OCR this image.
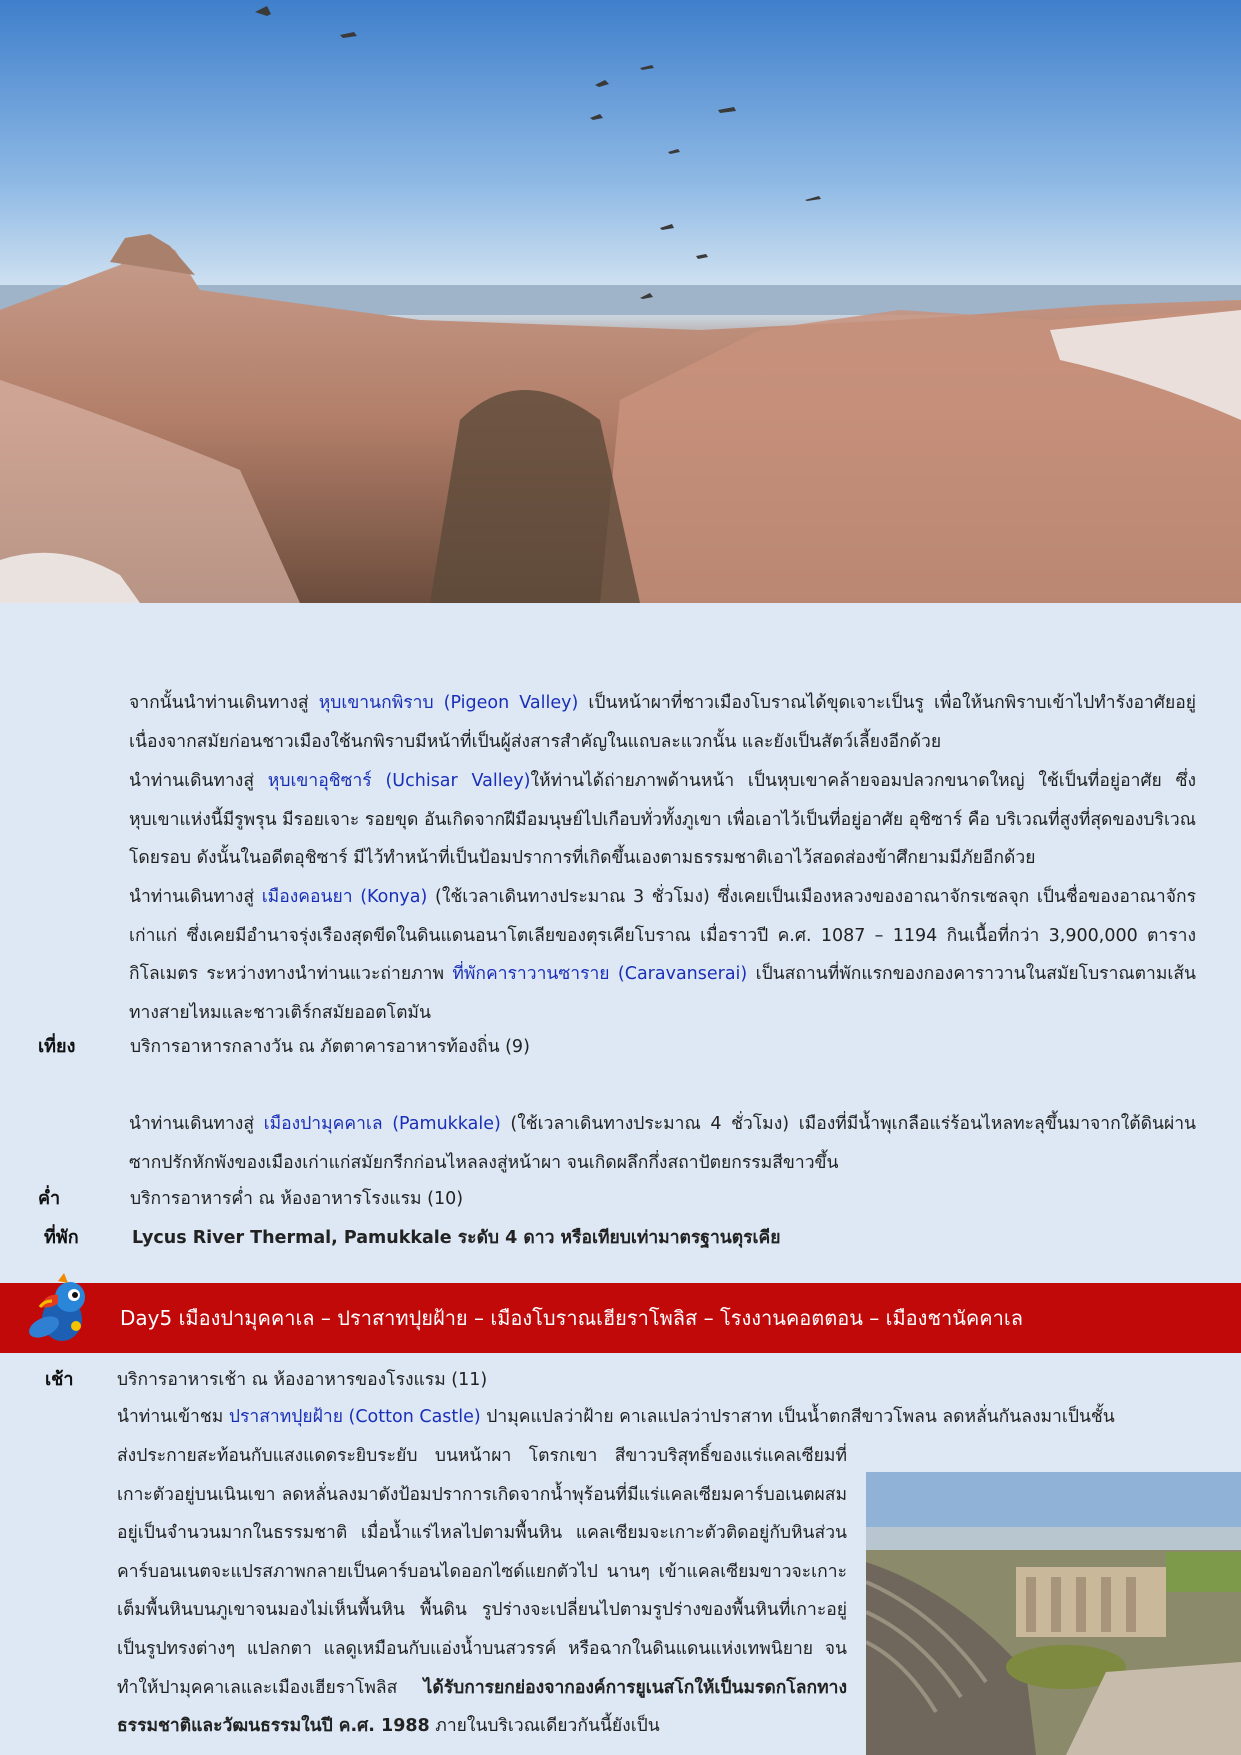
จากนั้นนำท่านเดินทางสู่ หุบเขานกพิราบ (Pigeon Valley) เป็นหน้าผาที่ชาวเมืองโบราณได้ขุดเจาะเป็นรู เพื่อให้นกพิราบเข้าไปทำรังอาศัยอยู่ เนื่องจากสมัยก่อนชาวเมืองใช้นกพิราบมีหน้าที่เป็นผู้ส่งสารสำคัญในแถบละแวกนั้น และยังเป็นสัตว์เลี้ยงอีกด้วย
นำท่านเดินทางสู่ หุบเขาอุชิซาร์ (Uchisar Valley)ให้ท่านได้ถ่ายภาพด้านหน้า เป็นหุบเขาคล้ายจอมปลวกขนาดใหญ่ ใช้เป็นที่อยู่อาศัย ซึ่งหุบเขาแห่งนี้มีรูพรุน มีรอยเจาะ รอยขุด อันเกิดจากฝีมือมนุษย์ไปเกือบทั่วทั้งภูเขา เพื่อเอาไว้เป็นที่อยู่อาศัย อุชิซาร์ คือ บริเวณที่สูงที่สุดของบริเวณโดยรอบ ดังนั้นในอดีตอุชิซาร์ มีไว้ทำหน้าที่เป็นป้อมปราการที่เกิดขึ้นเองตามธรรมชาติเอาไว้สอดส่องข้าศึกยามมีภัยอีกด้วย
นำท่านเดินทางสู่ เมืองคอนยา (Konya) (ใช้เวลาเดินทางประมาณ 3 ชั่วโมง) ซึ่งเคยเป็นเมืองหลวงของอาณาจักรเซลจุก เป็นชื่อของอาณาจักรเก่าแก่ ซึ่งเคยมีอำนาจรุ่งเรืองสุดขีดในดินแดนอนาโตเลียของตุรเคียโบราณ เมื่อราวปี ค.ศ. 1087 – 1194 กินเนื้อที่กว่า 3,900,000 ตารางกิโลเมตร ระหว่างทางนำท่านแวะถ่ายภาพ ที่พักคาราวานซาราย (Caravanserai) เป็นสถานที่พักแรกของกองคาราวานในสมัยโบราณตามเส้นทางสายไหมและชาวเติร์กสมัยออตโตมัน
เที่ยง	บริการอาหารกลางวัน ณ ภัตตาคารอาหารท้องถิ่น (9)
นำท่านเดินทางสู่ เมืองปามุคคาเล (Pamukkale) (ใช้เวลาเดินทางประมาณ 4 ชั่วโมง) เมืองที่มีน้ำพุเกลือแร่ร้อนไหลทะลุขึ้นมาจากใต้ดินผ่านซากปรักหักพังของเมืองเก่าแก่สมัยกรีกก่อนไหลลงสู่หน้าผา จนเกิดผลึกกึ่งสถาปัตยกรรมสีขาวขึ้น
ค่ำ	บริการอาหารค่ำ ณ ห้องอาหารโรงแรม (10)
ที่พัก	Lycus River Thermal, Pamukkale ระดับ 4 ดาว หรือเทียบเท่ามาตรฐานตุรเคีย
Day5 เมืองปามุคคาเล – ปราสาทปุยฝ้าย – เมืองโบราณเฮียราโพลิส – โรงงานคอตตอน – เมืองชานัคคาเล
เช้า บริการอาหารเช้า ณ ห้องอาหารของโรงแรม (11)
นำท่านเข้าชม ปราสาทปุยฝ้าย (Cotton Castle) ปามุคแปลว่าฝ้าย คาเลแปลว่าปราสาท เป็นน้ำตกสีขาวโพลน ลดหลั่นกันลงมาเป็นชั้น
ส่งประกายสะท้อนกับแสงแดดระยิบระยับ บนหน้าผา โตรกเขา สีขาวบริสุทธิ์ของแร่แคลเซียมที่เกาะตัวอยู่บนเนินเขา ลดหลั่นลงมาดังป้อมปราการเกิดจากน้ำพุร้อนที่มีแร่แคลเซียมคาร์บอเนตผสมอยู่เป็นจำนวนมากในธรรมชาติ เมื่อน้ำแร่ไหลไปตามพื้นหิน แคลเซียมจะเกาะตัวติดอยู่กับหินส่วนคาร์บอนเนตจะแปรสภาพกลายเป็นคาร์บอนไดออกไซด์แยกตัวไป นานๆ เข้าแคลเซียมขาวจะเกาะเต็มพื้นหินบนภูเขาจนมองไม่เห็นพื้นหิน พื้นดิน รูปร่างจะเปลี่ยนไปตามรูปร่างของพื้นหินที่เกาะอยู่เป็นรูปทรงต่างๆ แปลกตา แลดูเหมือนกับแอ่งน้ำบนสวรรค์ หรือฉากในดินแดนแห่งเทพนิยาย จนทำให้ปามุคคาเลและเมืองเฮียราโพลิส ได้รับการยกย่องจากองค์การยูเนสโกให้เป็นมรดกโลกทางธรรมชาติและวัฒนธรรมในปี ค.ศ. 1988 ภายในบริเวณเดียวกันนี้ยังเป็น
